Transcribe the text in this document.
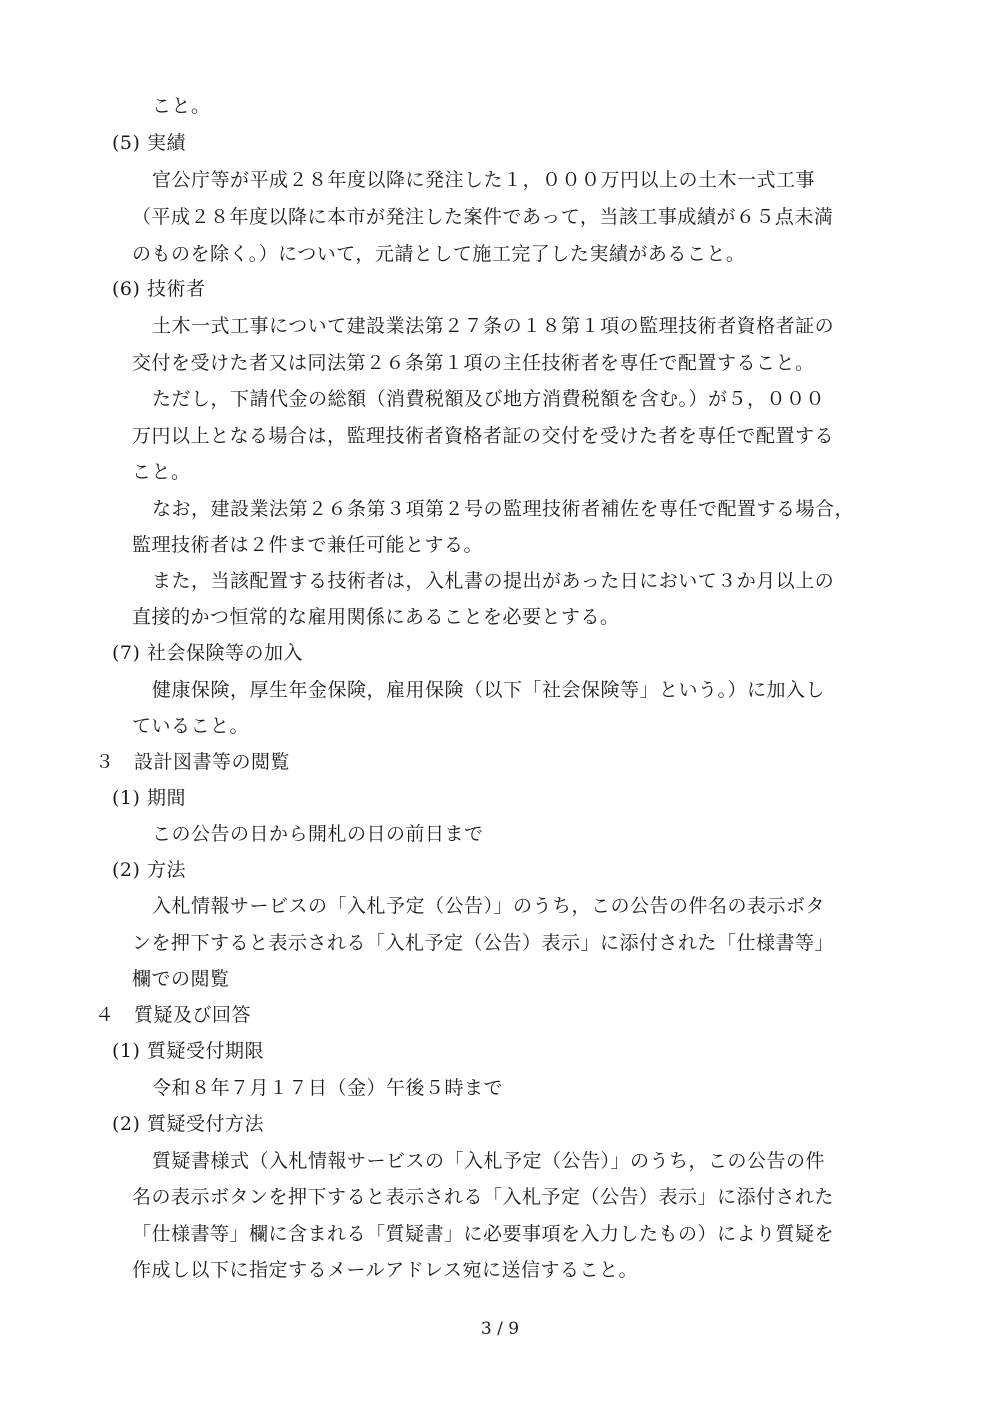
こと。
(5) 実績
官公庁等が平成２８年度以降に発注した１，０００万円以上の土木一式工事
（平成２８年度以降に本市が発注した案件であって，当該工事成績が６５点未満
のものを除く。）について，元請として施工完了した実績があること。
(6) 技術者
土木一式工事について建設業法第２７条の１８第１項の監理技術者資格者証の
交付を受けた者又は同法第２６条第１項の主任技術者を専任で配置すること。
ただし，下請代金の総額（消費税額及び地方消費税額を含む。）が５，０００
万円以上となる場合は，監理技術者資格者証の交付を受けた者を専任で配置する
こと。
なお，建設業法第２６条第３項第２号の監理技術者補佐を専任で配置する場合，
監理技術者は２件まで兼任可能とする。
また，当該配置する技術者は，入札書の提出があった日において３か月以上の
直接的かつ恒常的な雇用関係にあることを必要とする。
(7) 社会保険等の加入
健康保険，厚生年金保険，雇用保険（以下「社会保険等」という。）に加入し
ていること。
３　設計図書等の閲覧
(1) 期間
この公告の日から開札の日の前日まで
(2) 方法
入札情報サービスの「入札予定（公告）」のうち，この公告の件名の表示ボタ
ンを押下すると表示される「入札予定（公告）表示」に添付された「仕様書等」
欄での閲覧
４　質疑及び回答
(1) 質疑受付期限
令和８年７月１７日（金）午後５時まで
(2) 質疑受付方法
質疑書様式（入札情報サービスの「入札予定（公告）」のうち，この公告の件
名の表示ボタンを押下すると表示される「入札予定（公告）表示」に添付された
「仕様書等」欄に含まれる「質疑書」に必要事項を入力したもの）により質疑を
作成し以下に指定するメールアドレス宛に送信すること。
3 / 9
